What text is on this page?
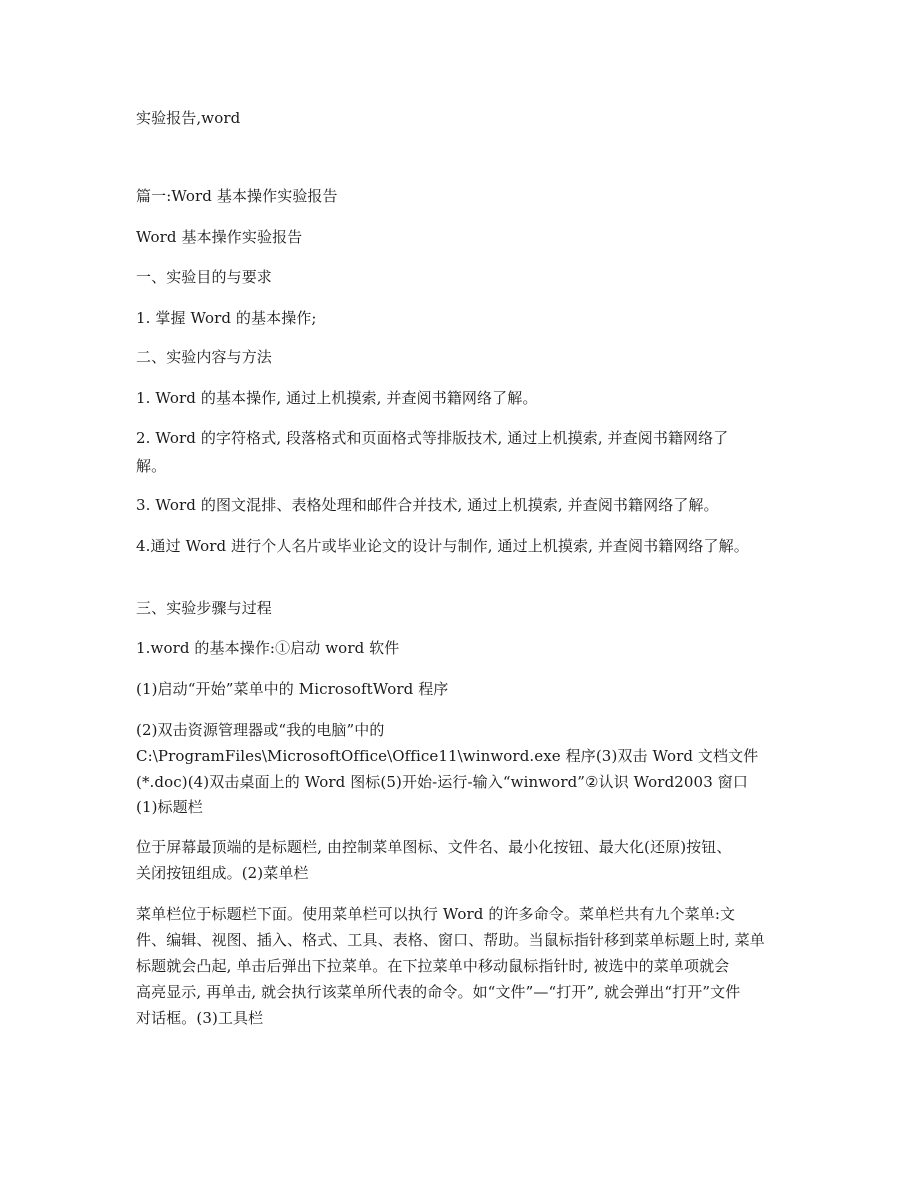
实验报告,word
篇一:Word 基本操作实验报告
Word 基本操作实验报告
一、实验目的与要求
1. 掌握 Word 的基本操作;
二、实验内容与方法
1. Word 的基本操作, 通过上机摸索, 并查阅书籍网络了解。
2. Word 的字符格式, 段落格式和页面格式等排版技术, 通过上机摸索, 并查阅书籍网络了
解。
3. Word 的图文混排、表格处理和邮件合并技术, 通过上机摸索, 并查阅书籍网络了解。
4.通过 Word 进行个人名片或毕业论文的设计与制作, 通过上机摸索, 并查阅书籍网络了解。
三、实验步骤与过程
1.word 的基本操作:①启动 word 软件
(1)启动“开始”菜单中的 MicrosoftWord 程序
(2)双击资源管理器或“我的电脑”中的
C:\ProgramFiles\MicrosoftOffice\Office11\winword.exe 程序(3)双击 Word 文档文件
(*.doc)(4)双击桌面上的 Word 图标(5)开始-运行-输入“winword”②认识 Word2003 窗口
(1)标题栏
位于屏幕最顶端的是标题栏, 由控制菜单图标、文件名、最小化按钮、最大化(还原)按钮、
关闭按钮组成。(2)菜单栏
菜单栏位于标题栏下面。使用菜单栏可以执行 Word 的许多命令。菜单栏共有九个菜单:文
件、编辑、视图、插入、格式、工具、表格、窗口、帮助。当鼠标指针移到菜单标题上时, 菜单
标题就会凸起, 单击后弹出下拉菜单。在下拉菜单中移动鼠标指针时, 被选中的菜单项就会
高亮显示, 再单击, 就会执行该菜单所代表的命令。如“文件”—“打开”, 就会弹出“打开”文件
对话框。(3)工具栏
